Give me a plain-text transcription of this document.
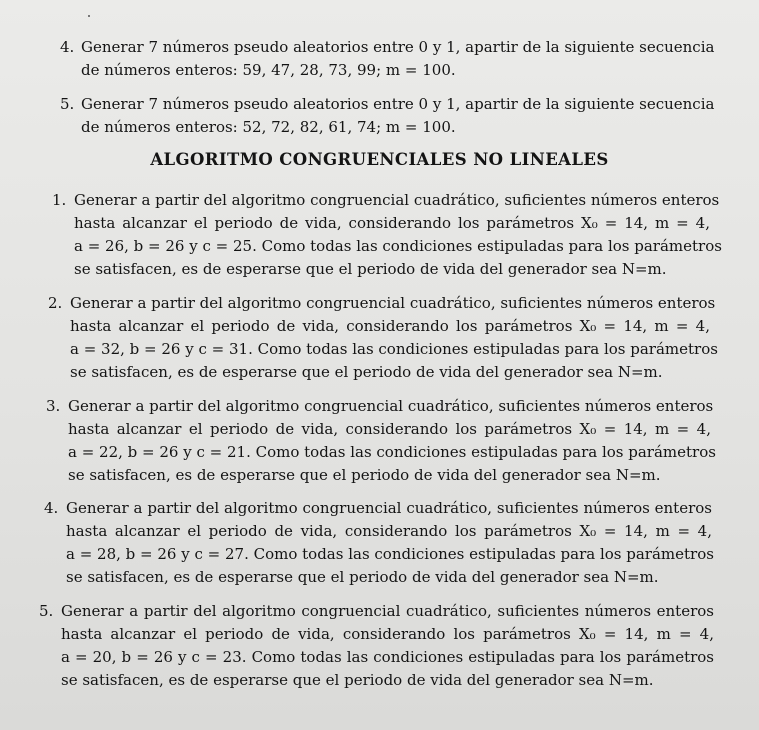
4. Generar 7 números pseudo aleatorios entre 0 y 1, apartir de la siguiente secuencia
de números enteros: 59, 47, 28, 73, 99; m = 100.
5. Generar 7 números pseudo aleatorios entre 0 y 1, apartir de la siguiente secuencia
de números enteros: 52, 72, 82, 61, 74; m = 100.
ALGORITMO CONGRUENCIALES NO LINEALES
1. Generar a partir del algoritmo congruencial cuadrático, suficientes números enteros
hasta alcanzar el periodo de vida, considerando los parámetros X₀ = 14, m = 4,
a = 26, b = 26 y c = 25. Como todas las condiciones estipuladas para los parámetros
se satisfacen, es de esperarse que el periodo de vida del generador sea N=m.
2. Generar a partir del algoritmo congruencial cuadrático, suficientes números enteros
hasta alcanzar el periodo de vida, considerando los parámetros X₀ = 14, m = 4,
a = 32, b = 26 y c = 31. Como todas las condiciones estipuladas para los parámetros
se satisfacen, es de esperarse que el periodo de vida del generador sea N=m.
3. Generar a partir del algoritmo congruencial cuadrático, suficientes números enteros
hasta alcanzar el periodo de vida, considerando los parámetros X₀ = 14, m = 4,
a = 22, b = 26 y c = 21. Como todas las condiciones estipuladas para los parámetros
se satisfacen, es de esperarse que el periodo de vida del generador sea N=m.
4. Generar a partir del algoritmo congruencial cuadrático, suficientes números enteros
hasta alcanzar el periodo de vida, considerando los parámetros X₀ = 14, m = 4,
a = 28, b = 26 y c = 27. Como todas las condiciones estipuladas para los parámetros
se satisfacen, es de esperarse que el periodo de vida del generador sea N=m.
5. Generar a partir del algoritmo congruencial cuadrático, suficientes números enteros
hasta alcanzar el periodo de vida, considerando los parámetros X₀ = 14, m = 4,
a = 20, b = 26 y c = 23. Como todas las condiciones estipuladas para los parámetros
se satisfacen, es de esperarse que el periodo de vida del generador sea N=m.
